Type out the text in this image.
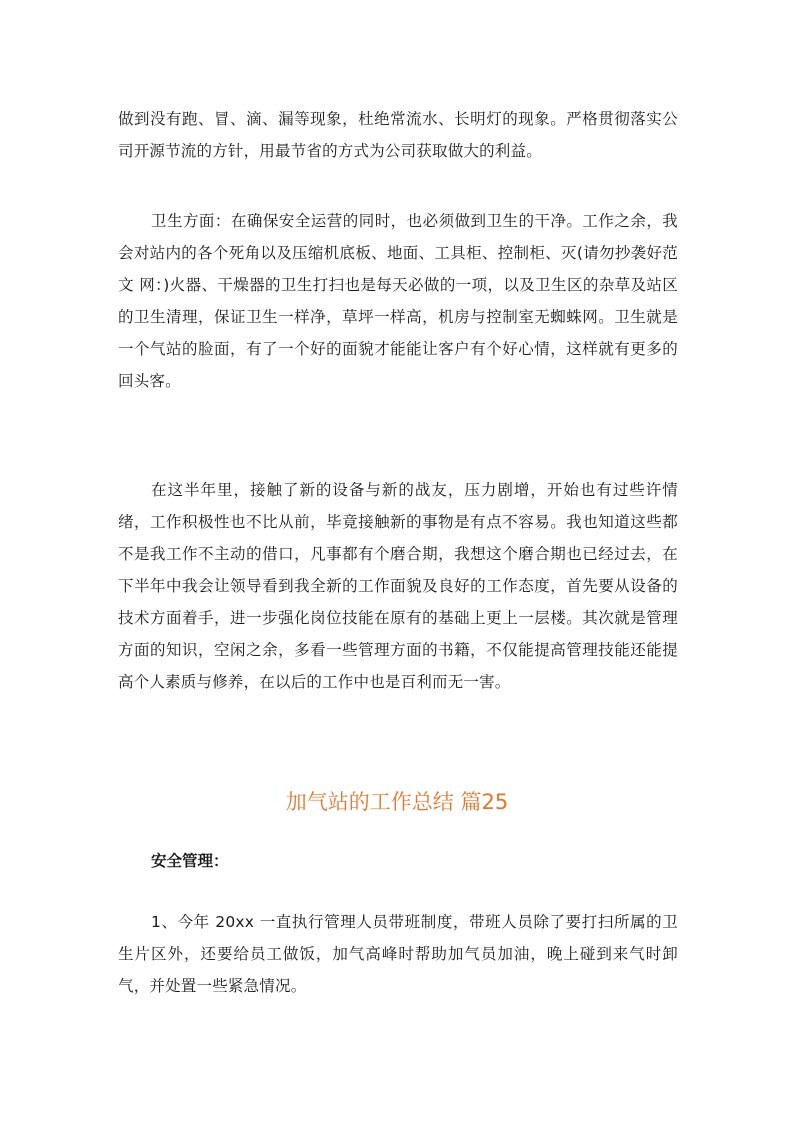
做到没有跑、冒、滴、漏等现象，杜绝常流水、长明灯的现象。严格贯彻落实公司开源节流的方针，用最节省的方式为公司获取做大的利益。

卫生方面：在确保安全运营的同时，也必须做到卫生的干净。工作之余，我会对站内的各个死角以及压缩机底板、地面、工具柜、控制柜、灭(请勿抄袭好范文 网：)火器、干燥器的卫生打扫也是每天必做的一项，以及卫生区的杂草及站区的卫生清理，保证卫生一样净，草坪一样高，机房与控制室无蜘蛛网。卫生就是一个气站的脸面，有了一个好的面貌才能能让客户有个好心情，这样就有更多的回头客。

在这半年里，接触了新的设备与新的战友，压力剧增，开始也有过些许情绪，工作积极性也不比从前，毕竟接触新的事物是有点不容易。我也知道这些都不是我工作不主动的借口，凡事都有个磨合期，我想这个磨合期也已经过去，在下半年中我会让领导看到我全新的工作面貌及良好的工作态度，首先要从设备的技术方面着手，进一步强化岗位技能在原有的基础上更上一层楼。其次就是管理方面的知识，空闲之余，多看一些管理方面的书籍，不仅能提高管理技能还能提高个人素质与修养，在以后的工作中也是百利而无一害。

加气站的工作总结 篇25

安全管理：

1、今年 20xx 一直执行管理人员带班制度，带班人员除了要打扫所属的卫生片区外，还要给员工做饭，加气高峰时帮助加气员加油，晚上碰到来气时卸气，并处置一些紧急情况。
